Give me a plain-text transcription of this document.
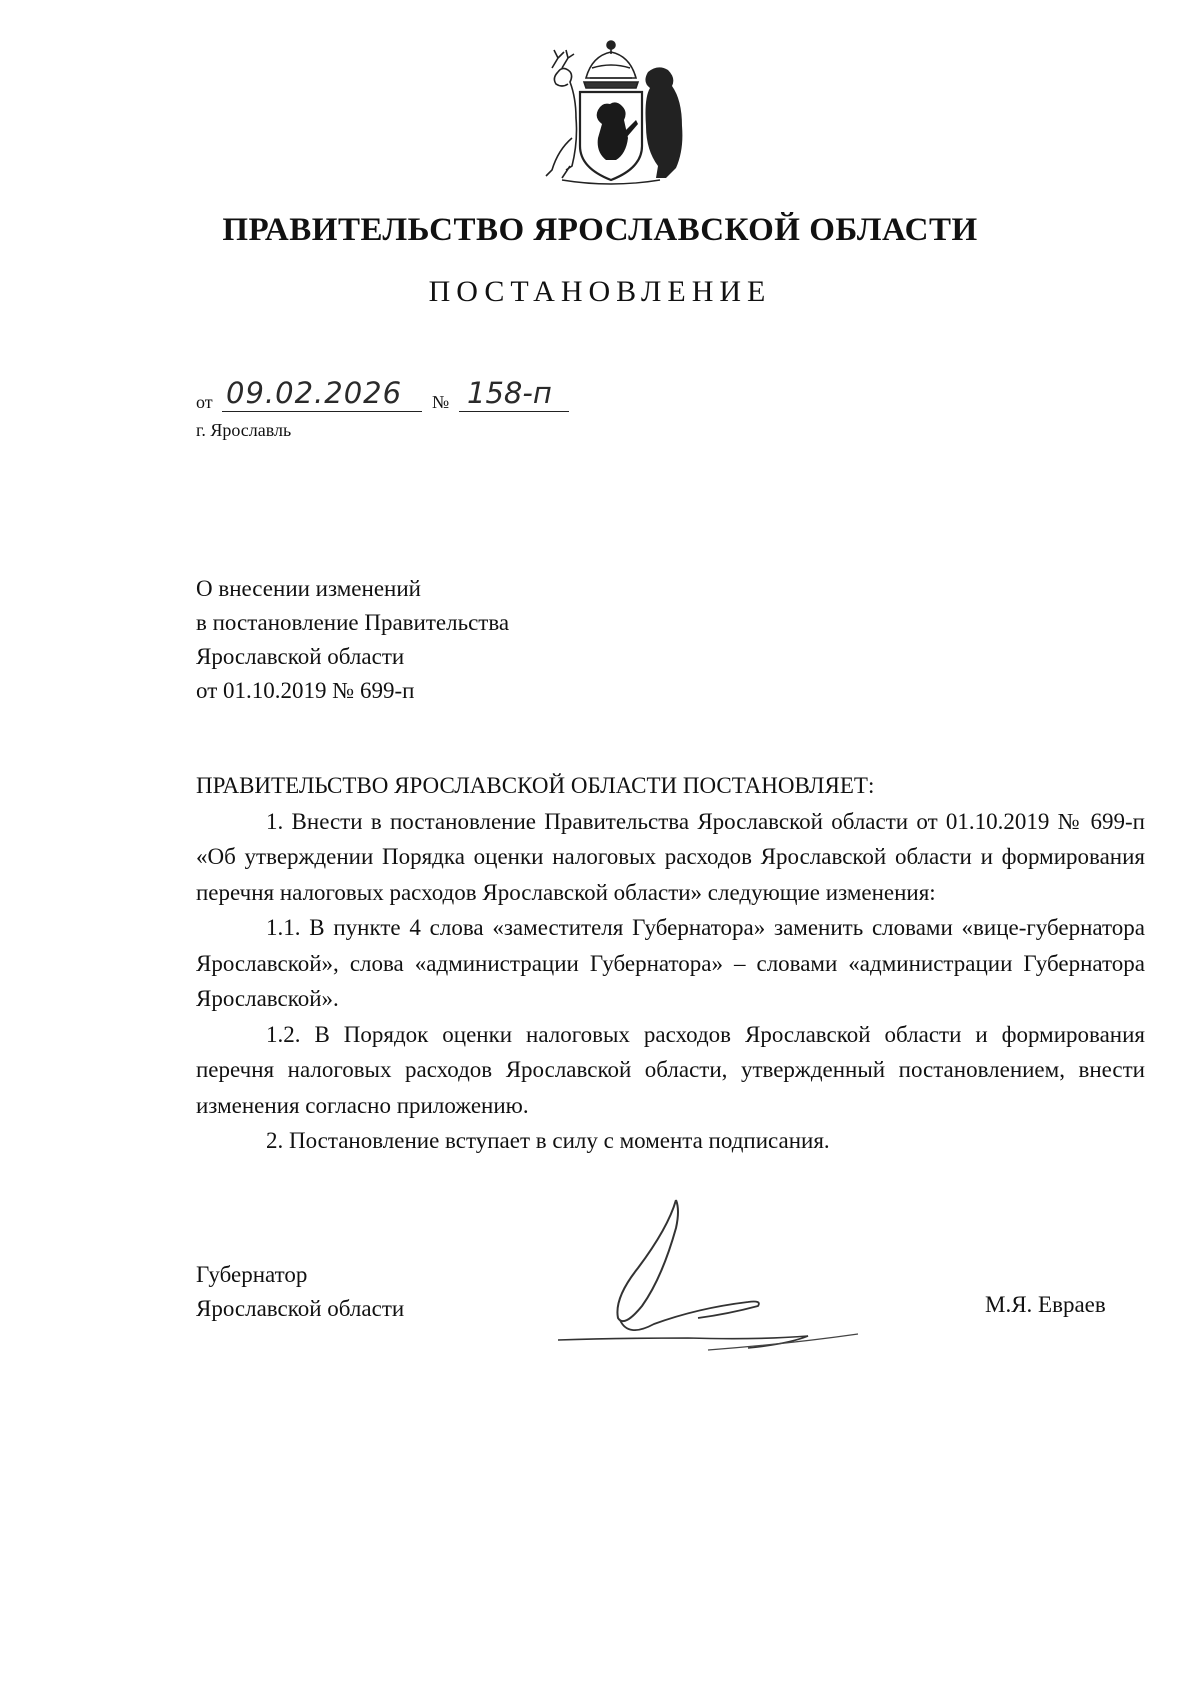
ПРАВИТЕЛЬСТВО ЯРОСЛАВСКОЙ ОБЛАСТИ
ПОСТАНОВЛЕНИЕ
от 09.02.2026	№ 158-п
г. Ярославль
О внесении изменений
в постановление Правительства
Ярославской области
от 01.10.2019 № 699-п

ПРАВИТЕЛЬСТВО ЯРОСЛАВСКОЙ ОБЛАСТИ ПОСТАНОВЛЯЕТ:

1. Внести в постановление Правительства Ярославской области от 01.10.2019 № 699-п «Об утверждении Порядка оценки налоговых расходов Ярославской области и формирования перечня налоговых расходов Ярославской области» следующие изменения:

1.1. В пункте 4 слова «заместителя Губернатора» заменить словами «вице-губернатора Ярославской», слова «администрации Губернатора» – словами «администрации Губернатора Ярославской».

1.2. В Порядок оценки налоговых расходов Ярославской области и формирования перечня налоговых расходов Ярославской области, утвержденный постановлением, внести изменения согласно приложению.

2. Постановление вступает в силу с момента подписания.

Губернатор
Ярославской области	М.Я. Евраев
